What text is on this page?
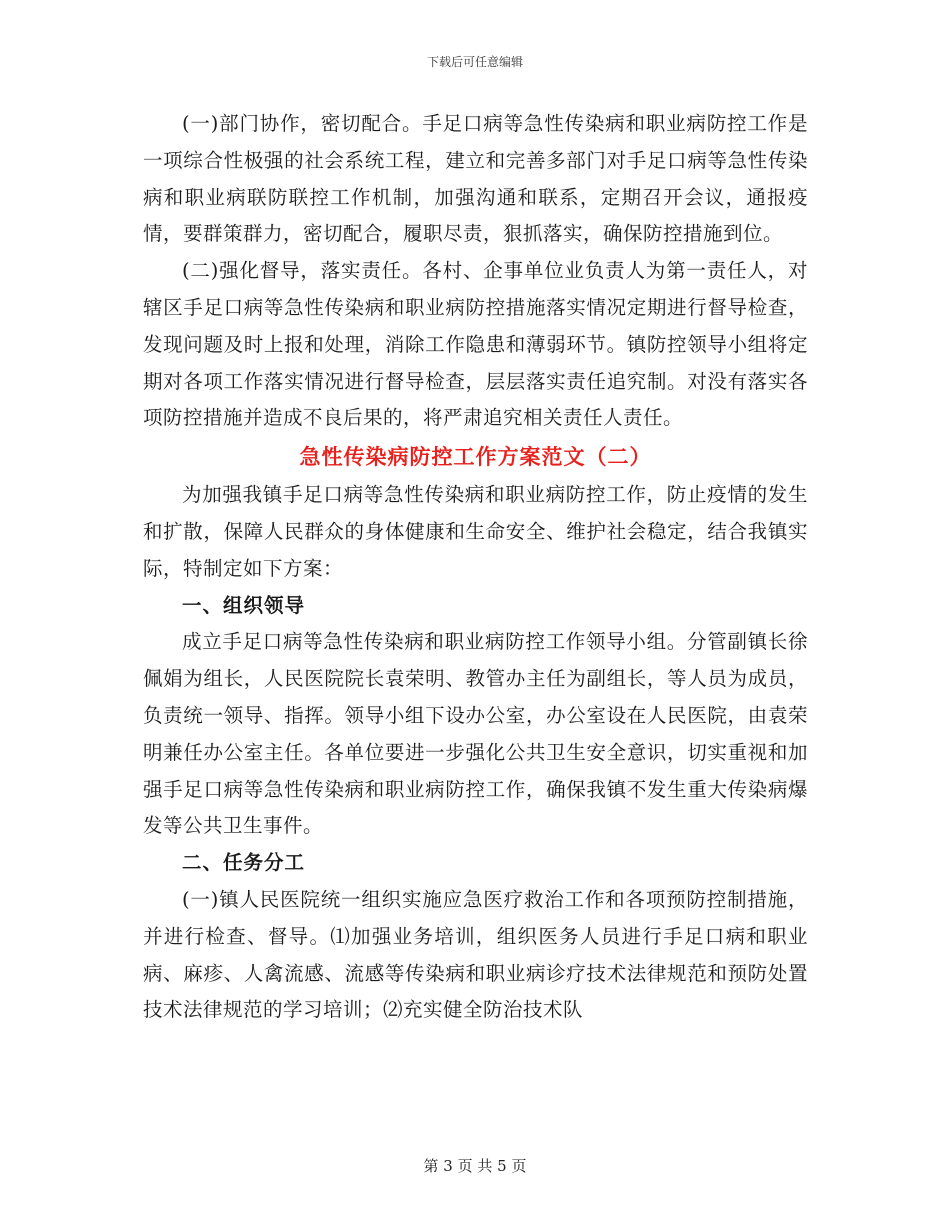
下载后可任意编辑

(一)部门协作，密切配合。手足口病等急性传染病和职业病防控工作是一项综合性极强的社会系统工程，建立和完善多部门对手足口病等急性传染病和职业病联防联控工作机制，加强沟通和联系，定期召开会议，通报疫情，要群策群力，密切配合，履职尽责，狠抓落实，确保防控措施到位。

(二)强化督导，落实责任。各村、企事单位业负责人为第一责任人，对辖区手足口病等急性传染病和职业病防控措施落实情况定期进行督导检查，发现问题及时上报和处理，消除工作隐患和薄弱环节。镇防控领导小组将定期对各项工作落实情况进行督导检查，层层落实责任追究制。对没有落实各项防控措施并造成不良后果的，将严肃追究相关责任人责任。

急性传染病防控工作方案范文（二）

为加强我镇手足口病等急性传染病和职业病防控工作，防止疫情的发生和扩散，保障人民群众的身体健康和生命安全、维护社会稳定，结合我镇实际，特制定如下方案：

一、组织领导

成立手足口病等急性传染病和职业病防控工作领导小组。分管副镇长徐佩娟为组长，人民医院院长袁荣明、教管办主任为副组长，等人员为成员，负责统一领导、指挥。领导小组下设办公室，办公室设在人民医院，由袁荣明兼任办公室主任。各单位要进一步强化公共卫生安全意识，切实重视和加强手足口病等急性传染病和职业病防控工作，确保我镇不发生重大传染病爆发等公共卫生事件。

二、任务分工

(一)镇人民医院统一组织实施应急医疗救治工作和各项预防控制措施，并进行检查、督导。⑴加强业务培训，组织医务人员进行手足口病和职业病、麻疹、人禽流感、流感等传染病和职业病诊疗技术法律规范和预防处置技术法律规范的学习培训；⑵充实健全防治技术队

第 3 页 共 5 页
